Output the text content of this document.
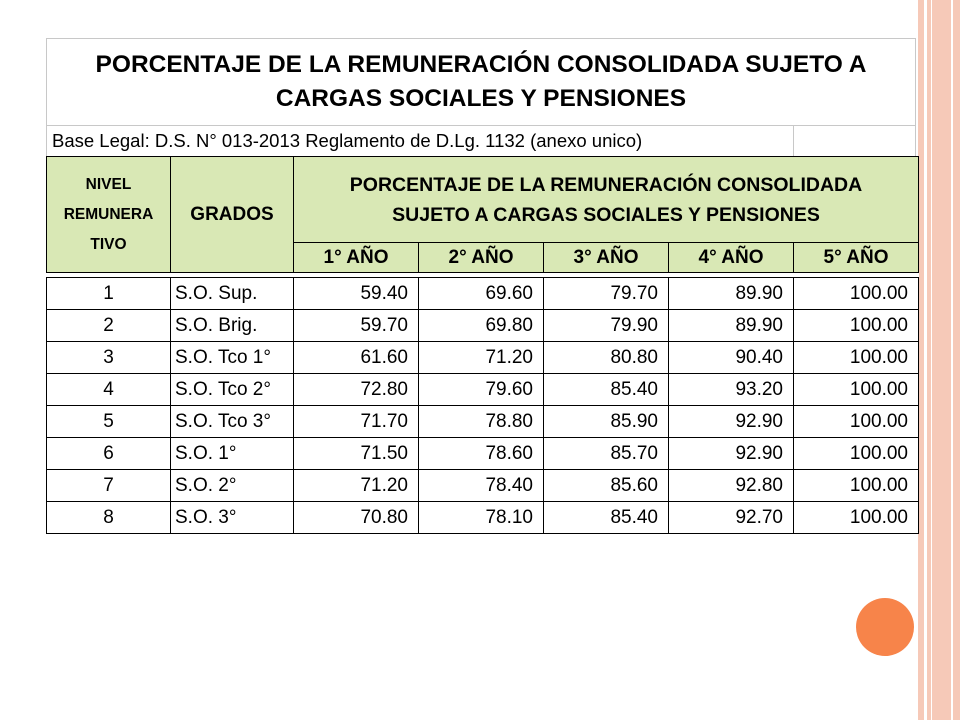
PORCENTAJE DE LA REMUNERACIÓN CONSOLIDADA SUJETO A CARGAS SOCIALES Y PENSIONES
Base Legal: D.S. N° 013-2013 Reglamento de D.Lg. 1132 (anexo unico)
NIVEL REMUNERA TIVO	GRADOS	PORCENTAJE DE LA REMUNERACIÓN CONSOLIDADA SUJETO A CARGAS SOCIALES Y PENSIONES				
		1° AÑO	2° AÑO	3° AÑO	4° AÑO	5° AÑO

1	S.O. Sup.	59.40	69.60	79.70	89.90	100.00
2	S.O. Brig.	59.70	69.80	79.90	89.90	100.00
3	S.O. Tco 1°	61.60	71.20	80.80	90.40	100.00
4	S.O. Tco 2°	72.80	79.60	85.40	93.20	100.00
5	S.O. Tco 3°	71.70	78.80	85.90	92.90	100.00
6	S.O. 1°	71.50	78.60	85.70	92.90	100.00
7	S.O. 2°	71.20	78.40	85.60	92.80	100.00
8	S.O. 3°	70.80	78.10	85.40	92.70	100.00
